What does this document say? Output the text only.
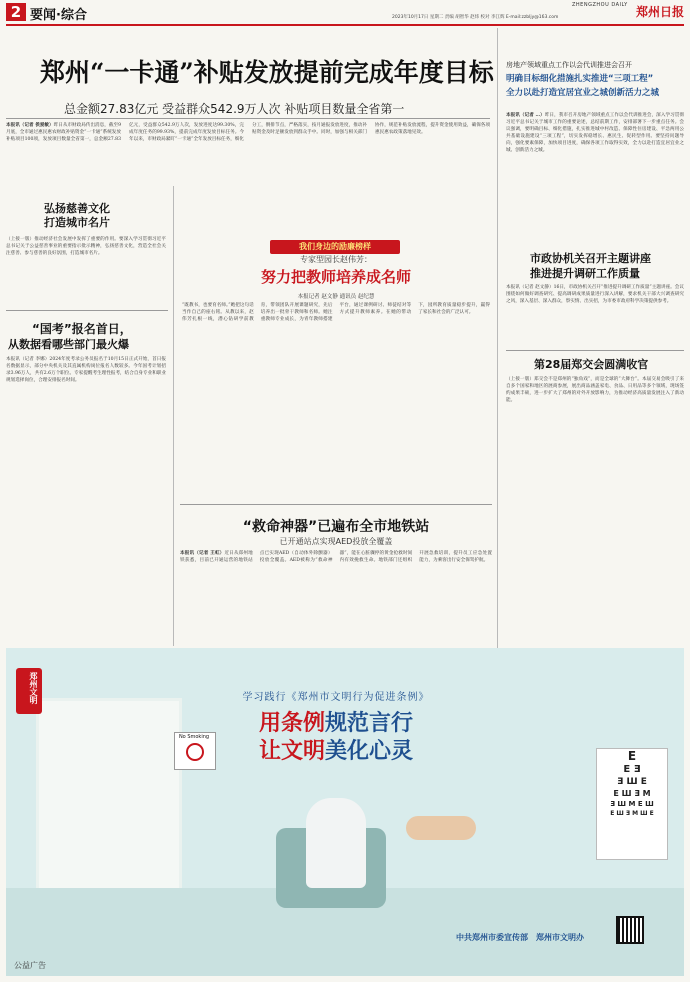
2 要闻·综合
ZHENGZHOU DAILY 郑州日报
2023年10月17日 星期二 责编 胡智华 赵炜 校对 李江辉 E-mail:zzbljy@163.com
郑州“一卡通”补贴发放提前完成年度目标
总金额27.83亿元 受益群众542.9万人次 补贴项目数量全省第一
本报讯（记者 侯爱敏）昨日从市财政局传出消息，截至9月底，全市通过惠民惠农财政补贴资金“一卡通”系统发放补贴项目100项，发放项目数量全省第一，总金额27.83亿元，受益群众542.9万人次，发放进度达99.30%，完成年度任务的99.93%，提前完成年度发放目标任务。今年以来，市财政局紧盯“一卡通”全年发放目标任务，细化分工，倒排节点，严格落实，按月通报发放进度，推动补贴资金及时足额发放到群众手中。同时，加强与相关部门协作，规范补贴发放流程，提升资金使用效益，确保各项惠民惠农政策落地见效。
房地产领域重点工作以会代训推进会召开
明确目标细化措施扎实推进“三项工程”
全力以赴打造宜居宜业之城创新活力之城
本报讯（记者 …）昨日，我市召开房地产领域重点工作以会代训推进会，深入学习贯彻习近平总书记关于城市工作的重要论述，总结前期工作，安排部署下一步重点任务。会议强调，要明确目标、细化措施，扎实推进城中村改造、保障性住房建设、平急两用公共基础设施建设“三项工程”，切实发挥稳增长、惠民生、促转型作用。要坚持问题导向，强化要素保障，加快项目进度，确保各项工作取得实效，全力以赴打造宜居宜业之城、创新活力之城。
弘扬慈善文化
打造城市名片
（上接一版）推动经济社会发展中发挥了重要的作用。要深入学习贯彻习近平总书记关于公益慈善事业的重要指示批示精神，弘扬慈善文化，营造全社会关注慈善、参与慈善的良好氛围，打造城市名片。
“国考”报名首日，
从数据看哪些部门最火爆
本报讯（记者 李娜）2024年度考录公务员报名于10月15日正式开始，首日报名数据显示，部分中央机关及其直属机构岗位报名人数较多。今年国考计划招录3.96万人，共有2.6万个职位。专家提醒考生理性报考，结合自身专业和职业规划选择岗位，合理安排报名时间。
我们身边的励廉榜样
专家型园长赵伟芳：
努力把教师培养成名师
本报记者 赵文静 通讯员 赵纪慧
“既教书，也要育名师。”她把这句话当作自己的座右铭。从教以来，赵伟芳扎根一线，潜心钻研学前教育，带领团队开展课题研究，先后培养出一批骨干教师和名师。她注重教师专业成长，为青年教师搭建平台，通过课例研讨、师徒结对等方式提升教师素养。在她的带动下，园所教育质量稳步提升，赢得了家长和社会的广泛认可。
市政协机关召开主题讲座
推进提升调研工作质量
本报讯（记者 赵文静）16日，市政协机关召开“推进提升调研工作质量”主题讲座。会议围绕如何做好调查研究、提高调研成果质量进行深入讲解，要求机关干部大兴调查研究之风，深入基层、深入群众，察实情、出实招，为市委市政府科学决策提供参考。
第28届郑交会圆满收官
（上接一版）郑交会不是郑州的“独角戏”，而是全球的“大舞台”。本届交易会吸引了来自多个国家和地区的展商参展，展出商品涵盖家电、食品、日用品等多个领域，现场签约成果丰硕，进一步扩大了郑州的对外开放影响力，为推动经济高质量发展注入了新动能。
“救命神器”已遍布全市地铁站
已开通站点实现AED投放全覆盖
本报讯（记者 王虹）近日从郑州地铁获悉，目前已开通运营的地铁站点已实现AED（自动体外除颤器）投放全覆盖。AED被称为“救命神器”，能在心脏骤停的黄金抢救时间内有效挽救生命。地铁部门还组织开展急救培训，提升员工应急处置能力，为乘客出行安全保驾护航。
郑州文明	学习践行《郑州市文明行为促进条例》
用条例规范言行
让文明美化心灵
No Smoking
E
E Ǝ
Ǝ Ш E
E Ш Ǝ M
Ǝ Ш M E Ш
E Ш Ǝ M Ш E
中共郑州市委宣传部 郑州市文明办
公益广告
